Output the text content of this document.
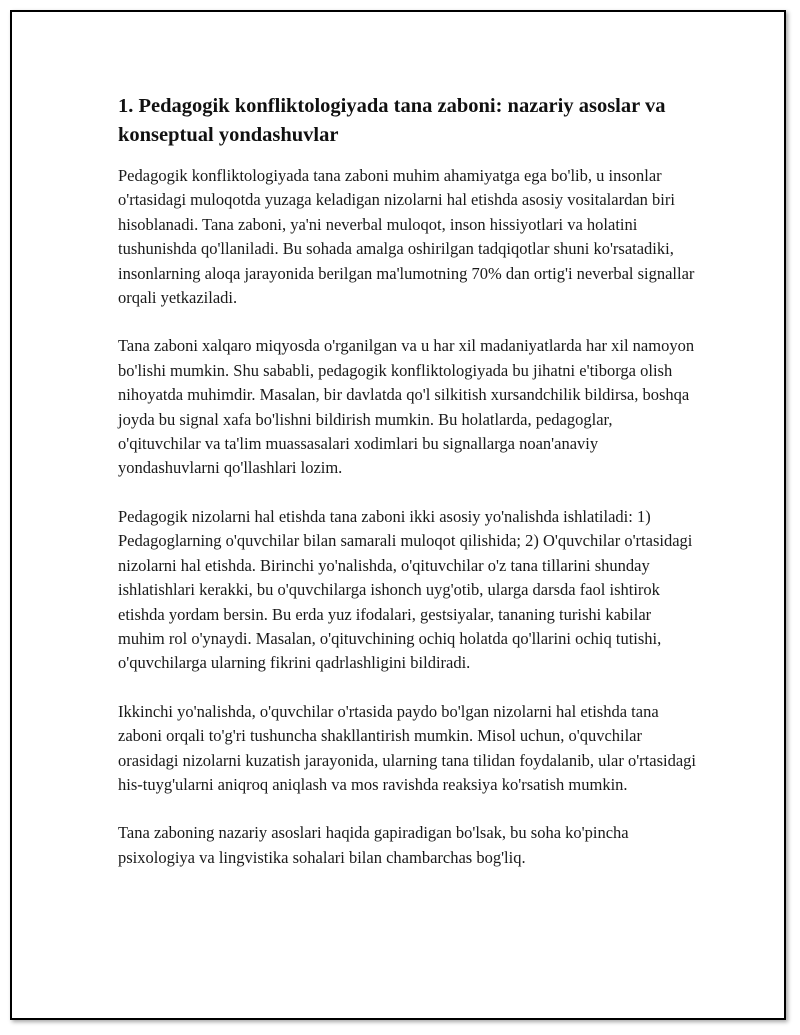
1. Pedagogik konfliktologiyada tana zaboni: nazariy asoslar va konseptual yondashuvlar

Pedagogik konfliktologiyada tana zaboni muhim ahamiyatga ega bo'lib, u insonlar o'rtasidagi muloqotda yuzaga keladigan nizolarni hal etishda asosiy vositalardan biri hisoblanadi. Tana zaboni, ya'ni neverbal muloqot, inson hissiyotlari va holatini tushunishda qo'llaniladi. Bu sohada amalga oshirilgan tadqiqotlar shuni ko'rsatadiki, insonlarning aloqa jarayonida berilgan ma'lumotning 70% dan ortig'i neverbal signallar orqali yetkaziladi.

Tana zaboni xalqaro miqyosda o'rganilgan va u har xil madaniyatlarda har xil namoyon bo'lishi mumkin. Shu sababli, pedagogik konfliktologiyada bu jihatni e'tiborga olish nihoyatda muhimdir. Masalan, bir davlatda qo'l silkitish xursandchilik bildirsa, boshqa joyda bu signal xafa bo'lishni bildirish mumkin. Bu holatlarda, pedagoglar, o'qituvchilar va ta'lim muassasalari xodimlari bu signallarga noan'anaviy yondashuvlarni qo'llashlari lozim.

Pedagogik nizolarni hal etishda tana zaboni ikki asosiy yo'nalishda ishlatiladi: 1) Pedagoglarning o'quvchilar bilan samarali muloqot qilishida; 2) O'quvchilar o'rtasidagi nizolarni hal etishda. Birinchi yo'nalishda, o'qituvchilar o'z tana tillarini shunday ishlatishlari kerakki, bu o'quvchilarga ishonch uyg'otib, ularga darsda faol ishtirok etishda yordam bersin. Bu erda yuz ifodalari, gestsiyalar, tananing turishi kabilar muhim rol o'ynaydi. Masalan, o'qituvchining ochiq holatda qo'llarini ochiq tutishi, o'quvchilarga ularning fikrini qadrlashligini bildiradi.

Ikkinchi yo'nalishda, o'quvchilar o'rtasida paydo bo'lgan nizolarni hal etishda tana zaboni orqali to'g'ri tushuncha shakllantirish mumkin. Misol uchun, o'quvchilar orasidagi nizolarni kuzatish jarayonida, ularning tana tilidan foydalanib, ular o'rtasidagi his-tuyg'ularni aniqroq aniqlash va mos ravishda reaksiya ko'rsatish mumkin.

Tana zaboning nazariy asoslari haqida gapiradigan bo'lsak, bu soha ko'pincha psixologiya va lingvistika sohalari bilan chambarchas bog'liq.
